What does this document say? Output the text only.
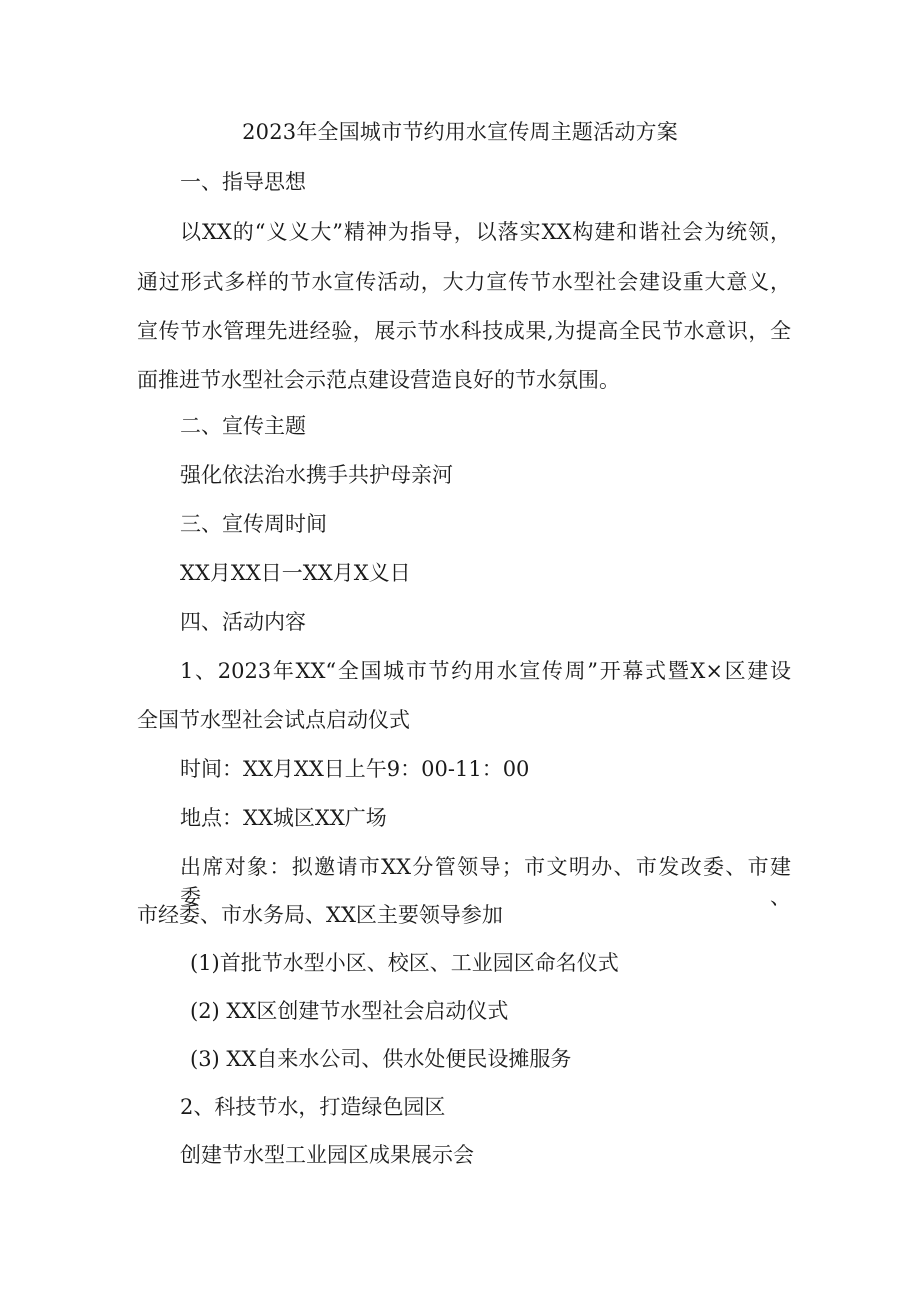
2023年全国城市节约用水宣传周主题活动方案
一、指导思想
以XX的“义义大”精神为指导，以落实XX构建和谐社会为统领，
通过形式多样的节水宣传活动，大力宣传节水型社会建设重大意义，
宣传节水管理先进经验，展示节水科技成果,为提高全民节水意识，全
面推进节水型社会示范点建设营造良好的节水氛围。
二、宣传主题
强化依法治水携手共护母亲河
三、宣传周时间
XX月XX日一XX月X义日
四、活动内容
1、2023年XX“全国城市节约用水宣传周”开幕式暨X×区建设
全国节水型社会试点启动仪式
时间：XX月XX日上午9：00-11：00
地点：XX城区XX广场
出席对象：拟邀请市XX分管领导；市文明办、市发改委、市建委、
市经委、市水务局、XX区主要领导参加
(1)首批节水型小区、校区、工业园区命名仪式
(2) XX区创建节水型社会启动仪式
(3) XX自来水公司、供水处便民设摊服务
2、科技节水，打造绿色园区
创建节水型工业园区成果展示会
